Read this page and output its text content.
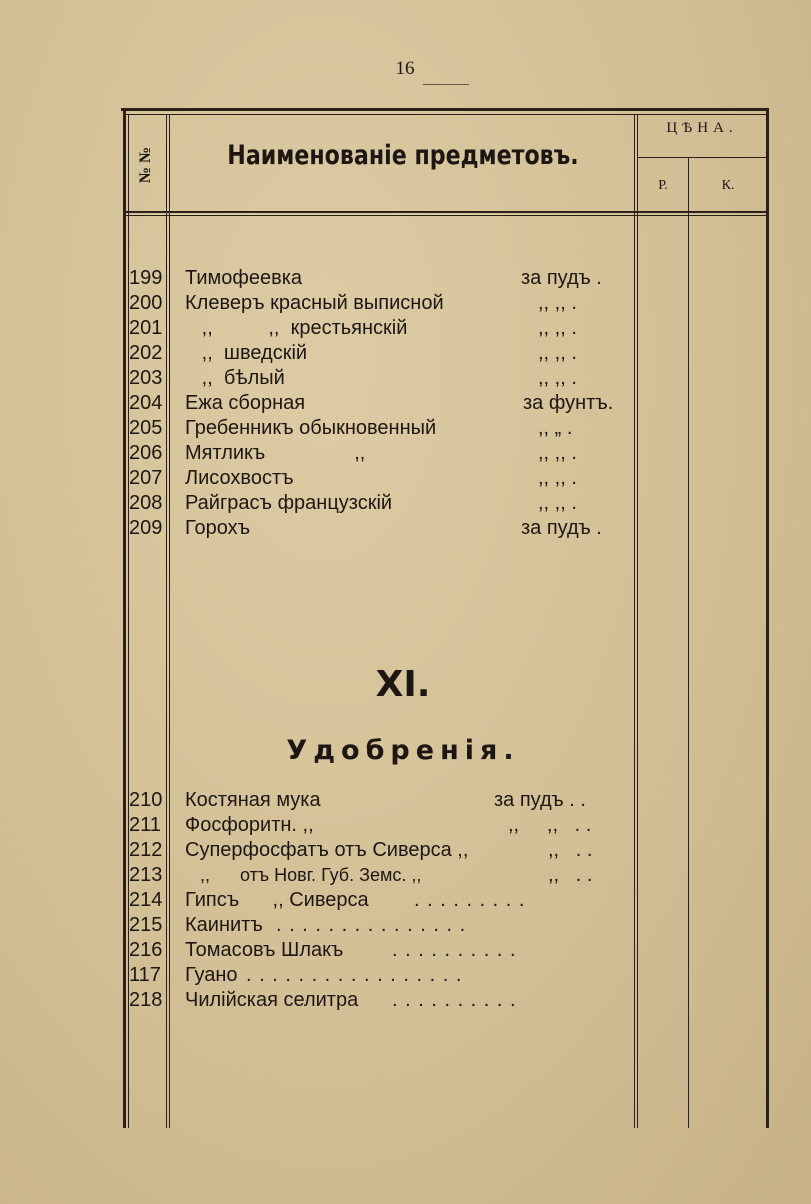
16
№ №	Наименованіе предметовъ.
ЦѢНА.
Р.	К.
199	Тимофеевка	за пудъ .
200	Клеверъ красный выписной	,, ,, .
201	,,          ,,  крестьянскій	,, ,, .
202	,,  шведскій	,, ,, .
203	,,  бѣлый	,, ,, .
204	Ежа сборная	за фунтъ.
205	Гребенникъ обыкновенный	,, „ .
206	Мятликъ                ,,	,, ,, .
207	Лисохвостъ	,, ,, .
208	Райграсъ французскій	,, ,, .
209	Горохъ	за пудъ .
XI.
Удобренія.
210	Костяная мука	за пудъ . .
211	Фосфоритн. ,,	,,     ,,   . .
212	Суперфосфатъ отъ Сиверса ,,	,,   . .
213	,,      отъ Новг. Губ. Земс. ,,	,,   . .
214	Гипсъ      ,, Сиверса . . . . . . . . .
215	Каинитъ . . . . . . . . . . . . . . .
216	Томасовъ Шлакъ . . . . . . . . . .
117	Гуано . . . . . . . . . . . . . . . . .
218	Чилійская селитра . . . . . . . . . .
